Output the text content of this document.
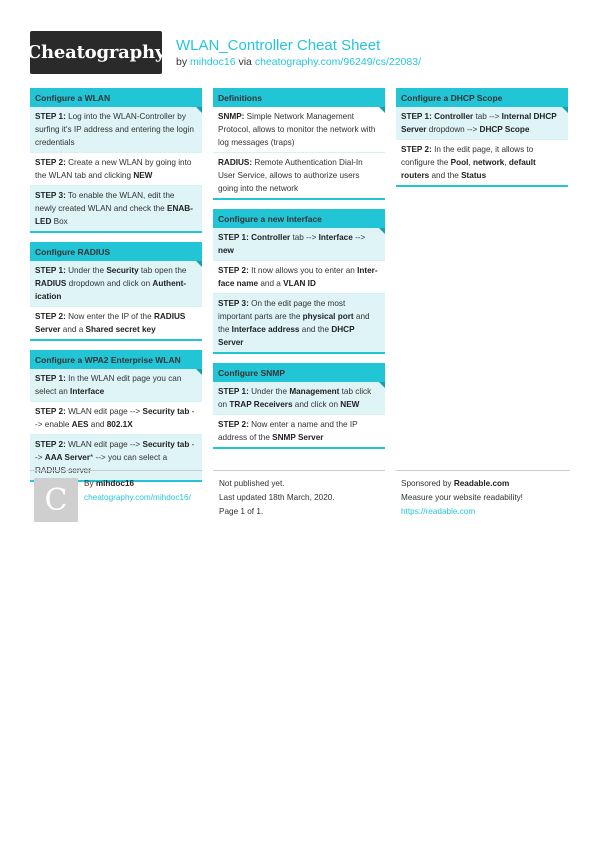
Cheatography WLAN_Controller Cheat Sheet
by mihdoc16 via cheatography.com/96249/cs/22083/
Configure a WLAN
STEP 1: Log into the WLAN-Controller by surfing it's IP address and entering the login credentials
STEP 2: Create a new WLAN by going into the WLAN tab and clicking NEW
STEP 3: To enable the WLAN, edit the newly created WLAN and check the ENABLED Box
Configure RADIUS
STEP 1: Under the Security tab open the RADIUS dropdown and click on Authentication
STEP 2: Now enter the IP of the RADIUS Server and a Shared secret key
Configure a WPA2 Enterprise WLAN
STEP 1: In the WLAN edit page you can select an Interface
STEP 2: WLAN edit page --> Security tab -
-> enable AES and 802.1X
STEP 2: WLAN edit page --> Security tab -
-> AAA Server* --> you can select a
Definitions
SNMP: Simple Network Management Protocol, allows to monitor the network with log messages (traps)
RADIUS: Remote Authentication Dial-In User Service, allows to authorize users going into the network
Configure a new Interface
STEP 1: Controller tab --> Interface --> new
STEP 2: It now allows you to enter an Interface name and a VLAN ID
STEP 3: On the edit page the most important parts are the physical port and the Interface address and the DHCP Server
Configure SNMP
STEP 1: Under the Management tab click on TRAP Receivers and click on NEW
STEP 2: Now enter a name and the IP address of the SNMP Server
Configure a DHCP Scope
STEP 1: Controller tab --> Internal DHCP Server dropdown --> DHCP Scope
STEP 2: In the edit page, it allows to configure the Pool, network, default routers and the Status
C By mihdoc16
cheatography.com/mihdoc16/
Not published yet.
Last updated 18th March, 2020.
Page 1 of 1.
Sponsored by Readable.com
Measure your website readability!
https://readable.com
